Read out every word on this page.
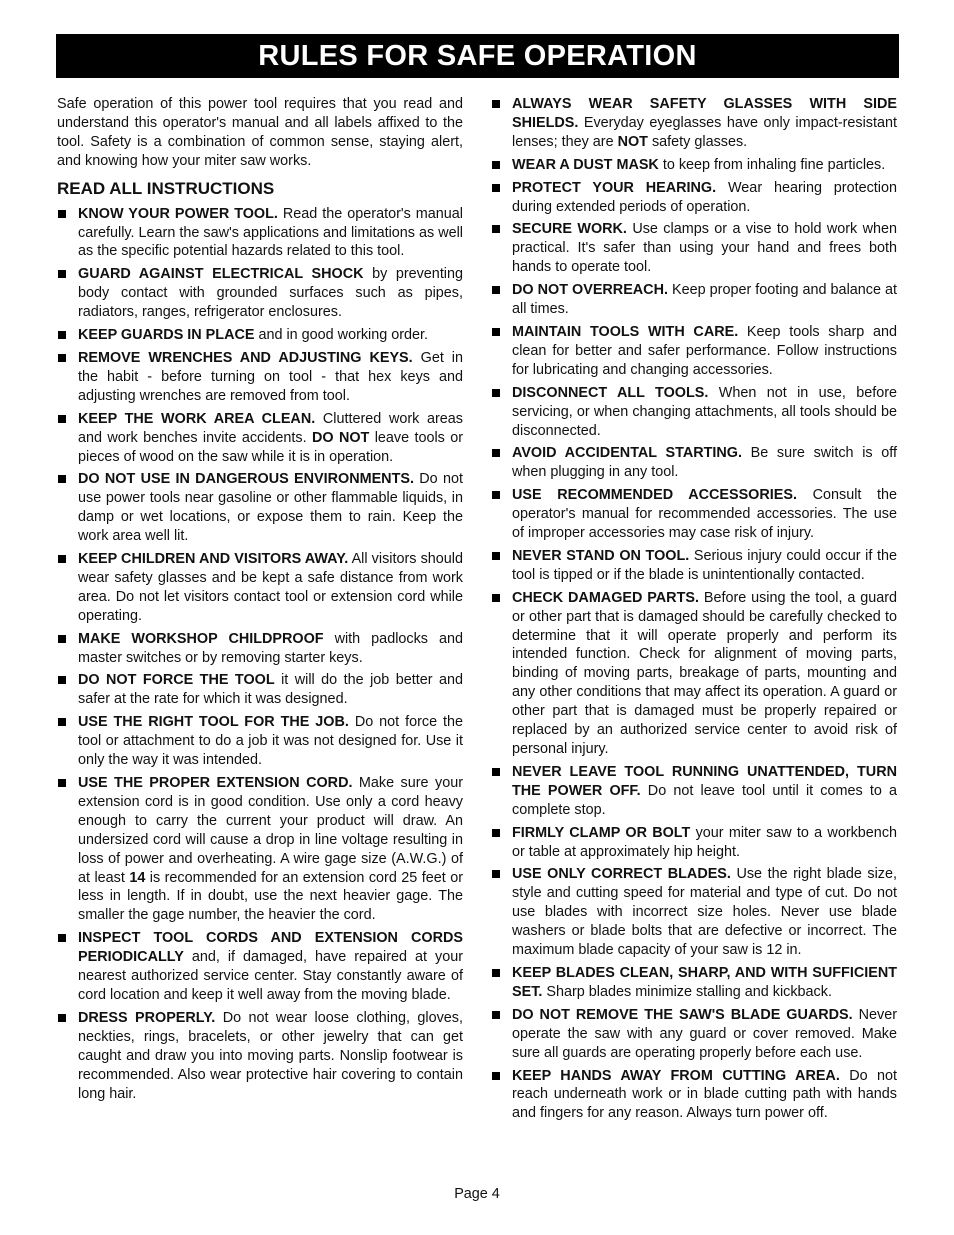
RULES FOR SAFE OPERATION

Safe operation of this power tool requires that you read and understand this operator's manual and all labels affixed to the tool. Safety is a combination of common sense, staying alert, and knowing how your miter saw works.

READ ALL INSTRUCTIONS
KNOW YOUR POWER TOOL. Read the operator's manual carefully. Learn the saw's applications and limitations as well as the specific potential hazards related to this tool.
GUARD AGAINST ELECTRICAL SHOCK by preventing body contact with grounded surfaces such as pipes, radiators, ranges, refrigerator enclosures.
KEEP GUARDS IN PLACE and in good working order.
REMOVE WRENCHES AND ADJUSTING KEYS. Get in the habit - before turning on tool - that hex keys and adjusting wrenches are removed from tool.
KEEP THE WORK AREA CLEAN. Cluttered work areas and work benches invite accidents. DO NOT leave tools or pieces of wood on the saw while it is in operation.
DO NOT USE IN DANGEROUS ENVIRONMENTS. Do not use power tools near gasoline or other flammable liquids, in damp or wet locations, or expose them to rain. Keep the work area well lit.
KEEP CHILDREN AND VISITORS AWAY. All visitors should wear safety glasses and be kept a safe distance from work area. Do not let visitors contact tool or extension cord while operating.
MAKE WORKSHOP CHILDPROOF with padlocks and master switches or by removing starter keys.
DO NOT FORCE THE TOOL it will do the job better and safer at the rate for which it was designed.
USE THE RIGHT TOOL FOR THE JOB. Do not force the tool or attachment to do a job it was not designed for. Use it only the way it was intended.
USE THE PROPER EXTENSION CORD. Make sure your extension cord is in good condition. Use only a cord heavy enough to carry the current your product will draw. An undersized cord will cause a drop in line voltage resulting in loss of power and overheating. A wire gage size (A.W.G.) of at least 14 is recommended for an extension cord 25 feet or less in length. If in doubt, use the next heavier gage. The smaller the gage number, the heavier the cord.
INSPECT TOOL CORDS AND EXTENSION CORDS PERIODICALLY and, if damaged, have repaired at your nearest authorized service center. Stay constantly aware of cord location and keep it well away from the moving blade.
DRESS PROPERLY. Do not wear loose clothing, gloves, neckties, rings, bracelets, or other jewelry that can get caught and draw you into moving parts. Nonslip footwear is recommended. Also wear protective hair covering to contain long hair.
ALWAYS WEAR SAFETY GLASSES WITH SIDE SHIELDS. Everyday eyeglasses have only impact-resistant lenses; they are NOT safety glasses.
WEAR A DUST MASK to keep from inhaling fine particles.
PROTECT YOUR HEARING. Wear hearing protection during extended periods of operation.
SECURE WORK. Use clamps or a vise to hold work when practical. It's safer than using your hand and frees both hands to operate tool.
DO NOT OVERREACH. Keep proper footing and balance at all times.
MAINTAIN TOOLS WITH CARE. Keep tools sharp and clean for better and safer performance. Follow instructions for lubricating and changing accessories.
DISCONNECT ALL TOOLS. When not in use, before servicing, or when changing attachments, all tools should be disconnected.
AVOID ACCIDENTAL STARTING. Be sure switch is off when plugging in any tool.
USE RECOMMENDED ACCESSORIES. Consult the operator's manual for recommended accessories. The use of improper accessories may case risk of injury.
NEVER STAND ON TOOL. Serious injury could occur if the tool is tipped or if the blade is unintentionally contacted.
CHECK DAMAGED PARTS. Before using the tool, a guard or other part that is damaged should be carefully checked to determine that it will operate properly and perform its intended function. Check for alignment of moving parts, binding of moving parts, breakage of parts, mounting and any other conditions that may affect its operation. A guard or other part that is damaged must be properly repaired or replaced by an authorized service center to avoid risk of personal injury.
NEVER LEAVE TOOL RUNNING UNATTENDED, TURN THE POWER OFF. Do not leave tool until it comes to a complete stop.
FIRMLY CLAMP OR BOLT your miter saw to a workbench or table at approximately hip height.
USE ONLY CORRECT BLADES. Use the right blade size, style and cutting speed for material and type of cut. Do not use blades with incorrect size holes. Never use blade washers or blade bolts that are defective or incorrect. The maximum blade capacity of your saw is 12 in.
KEEP BLADES CLEAN, SHARP, AND WITH SUFFICIENT SET. Sharp blades minimize stalling and kickback.
DO NOT REMOVE THE SAW'S BLADE GUARDS. Never operate the saw with any guard or cover removed. Make sure all guards are operating properly before each use.
KEEP HANDS AWAY FROM CUTTING AREA. Do not reach underneath work or in blade cutting path with hands and fingers for any reason. Always turn power off.
Page 4
